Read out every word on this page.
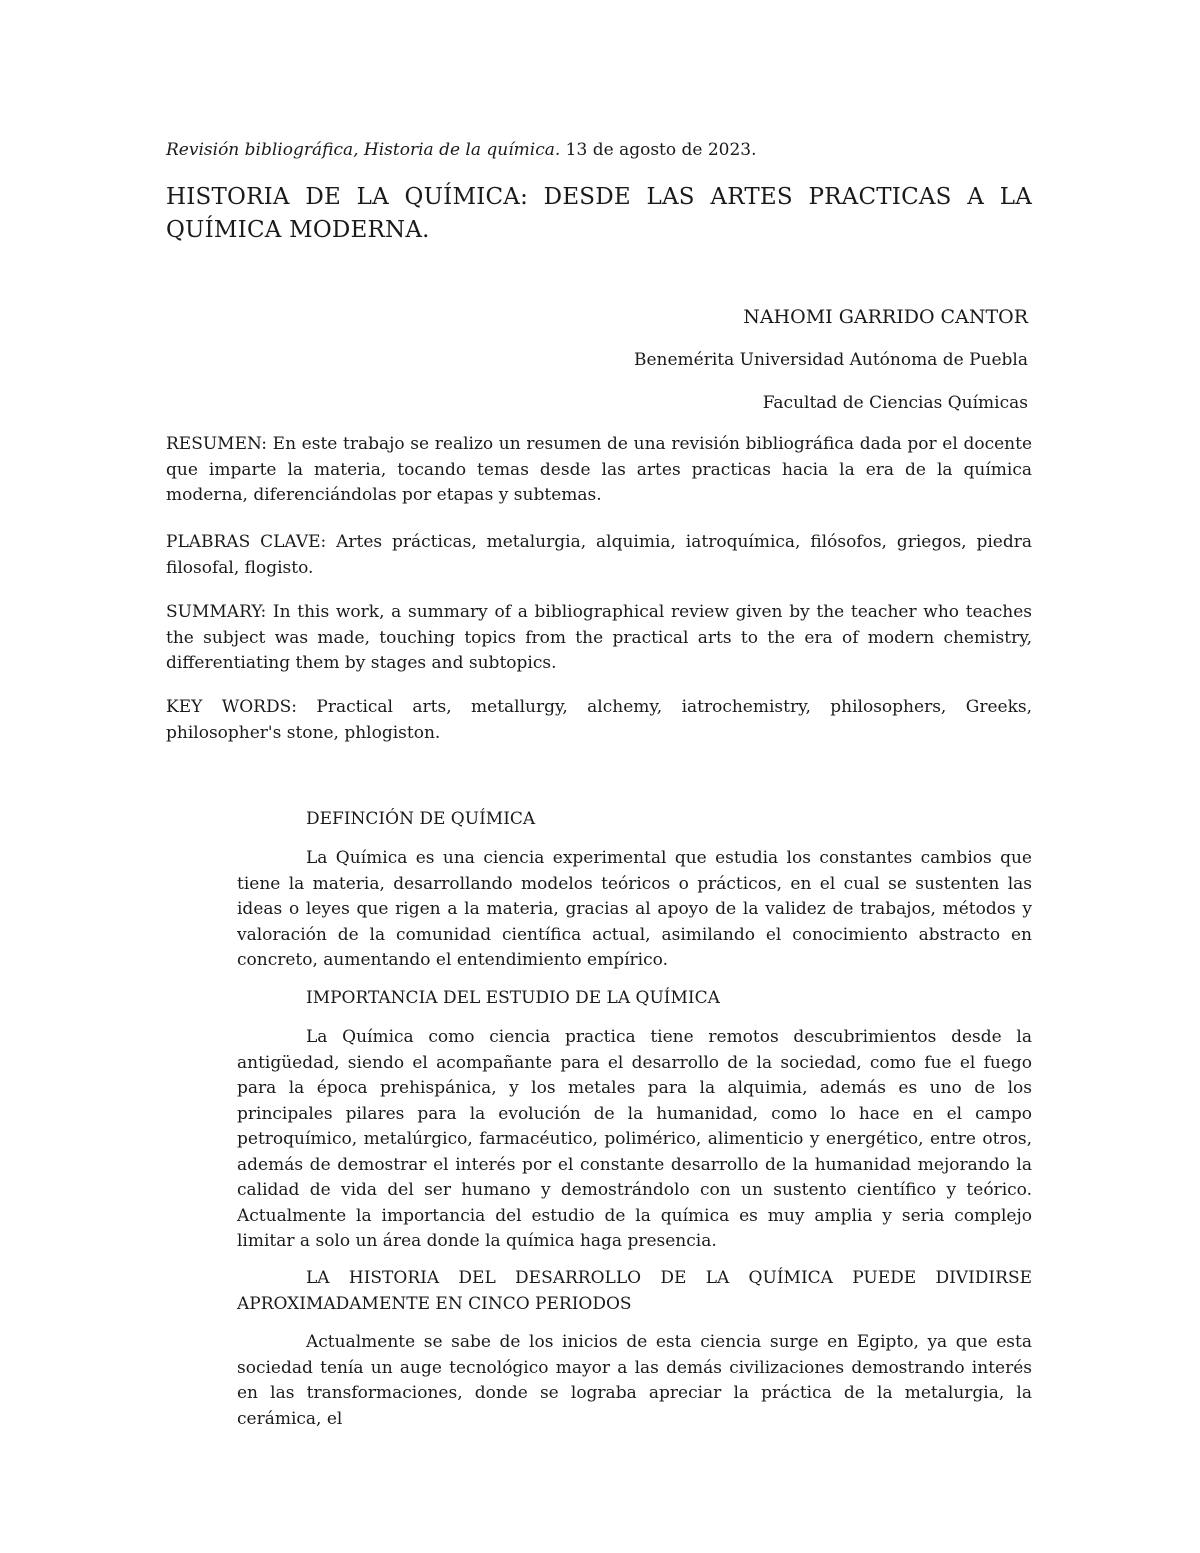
Revisión bibliográfica, Historia de la química. 13 de agosto de 2023.

HISTORIA DE LA QUÍMICA: DESDE LAS ARTES PRACTICAS A LA QUÍMICA MODERNA.

NAHOMI GARRIDO CANTOR

Benemérita Universidad Autónoma de Puebla

Facultad de Ciencias Químicas

RESUMEN: En este trabajo se realizo un resumen de una revisión bibliográfica dada por el docente que imparte la materia, tocando temas desde las artes practicas hacia la era de la química moderna, diferenciándolas por etapas y subtemas.

PLABRAS CLAVE: Artes prácticas, metalurgia, alquimia, iatroquímica, filósofos, griegos, piedra filosofal, flogisto.

SUMMARY: In this work, a summary of a bibliographical review given by the teacher who teaches the subject was made, touching topics from the practical arts to the era of modern chemistry, differentiating them by stages and subtopics.

KEY WORDS: Practical arts, metallurgy, alchemy, iatrochemistry, philosophers, Greeks, philosopher's stone, phlogiston.

DEFINCIÓN DE QUÍMICA

La Química es una ciencia experimental que estudia los constantes cambios que tiene la materia, desarrollando modelos teóricos o prácticos, en el cual se sustenten las ideas o leyes que rigen a la materia, gracias al apoyo de la validez de trabajos, métodos y valoración de la comunidad científica actual, asimilando el conocimiento abstracto en concreto, aumentando el entendimiento empírico.

IMPORTANCIA DEL ESTUDIO DE LA QUÍMICA

La Química como ciencia practica tiene remotos descubrimientos desde la antigüedad, siendo el acompañante para el desarrollo de la sociedad, como fue el fuego para la época prehispánica, y los metales para la alquimia, además es uno de los principales pilares para la evolución de la humanidad, como lo hace en el campo petroquímico, metalúrgico, farmacéutico, polimérico, alimenticio y energético, entre otros, además de demostrar el interés por el constante desarrollo de la humanidad mejorando la calidad de vida del ser humano y demostrándolo con un sustento científico y teórico. Actualmente la importancia del estudio de la química es muy amplia y seria complejo limitar a solo un área donde la química haga presencia.

LA HISTORIA DEL DESARROLLO DE LA QUÍMICA PUEDE DIVIDIRSE APROXIMADAMENTE EN CINCO PERIODOS

Actualmente se sabe de los inicios de esta ciencia surge en Egipto, ya que esta sociedad tenía un auge tecnológico mayor a las demás civilizaciones demostrando interés en las transformaciones, donde se lograba apreciar la práctica de la metalurgia, la cerámica, el
